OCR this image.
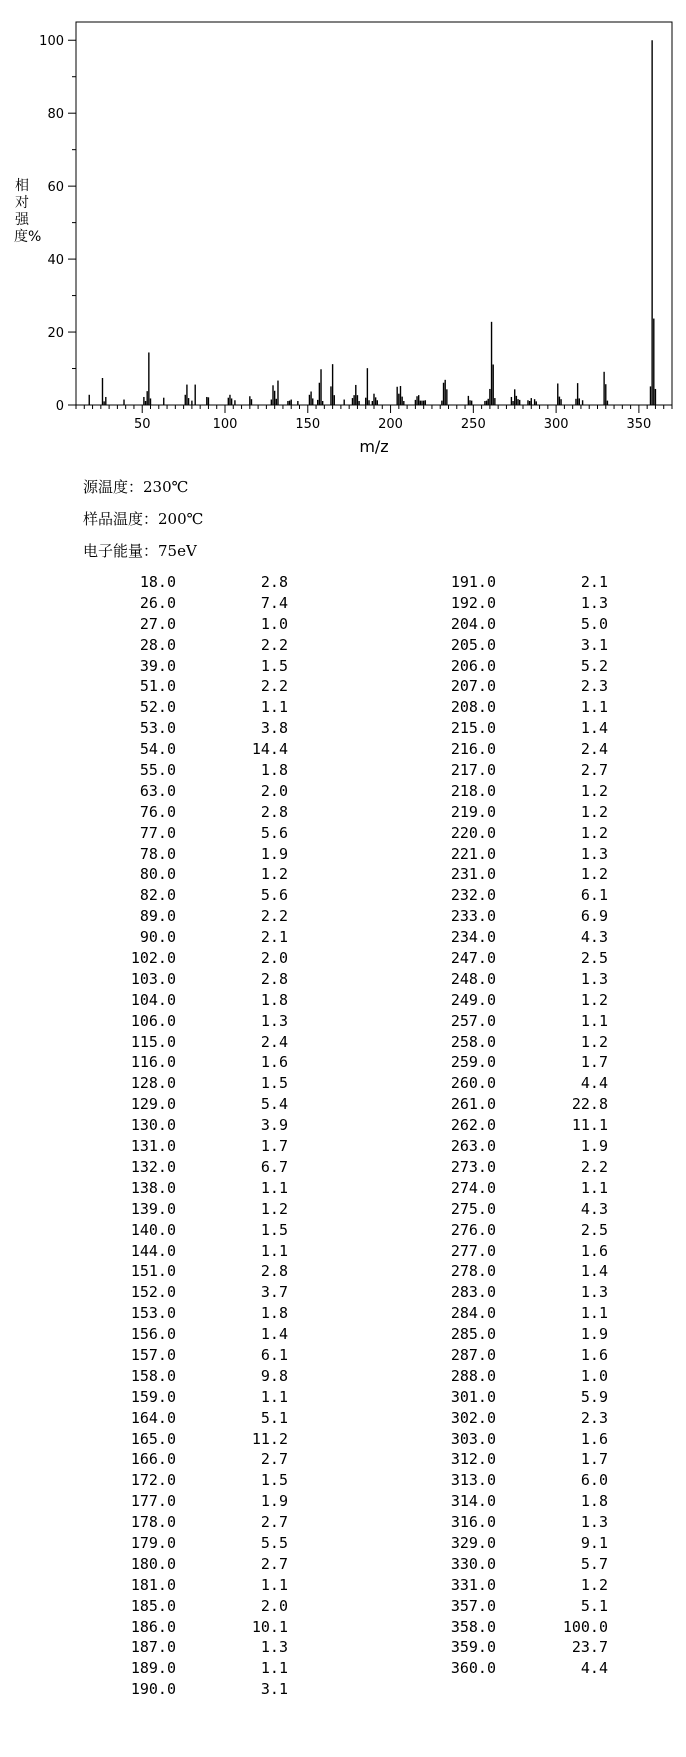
50	100	150	200	250	300	350
0
20
40
60
80
100
m/z
相对强度%
源温度：230℃
样品温度：200℃
电子能量：75eV
18.0	2.8
26.0	7.4
27.0	1.0
28.0	2.2
39.0	1.5
51.0	2.2
52.0	1.1
53.0	3.8
54.0	14.4
55.0	1.8
63.0	2.0
76.0	2.8
77.0	5.6
78.0	1.9
80.0	1.2
82.0	5.6
89.0	2.2
90.0	2.1
102.0	2.0
103.0	2.8
104.0	1.8
106.0	1.3
115.0	2.4
116.0	1.6
128.0	1.5
129.0	5.4
130.0	3.9
131.0	1.7
132.0	6.7
138.0	1.1
139.0	1.2
140.0	1.5
144.0	1.1
151.0	2.8
152.0	3.7
153.0	1.8
156.0	1.4
157.0	6.1
158.0	9.8
159.0	1.1
164.0	5.1
165.0	11.2
166.0	2.7
172.0	1.5
177.0	1.9
178.0	2.7
179.0	5.5
180.0	2.7
181.0	1.1
185.0	2.0
186.0	10.1
187.0	1.3
189.0	1.1
190.0	3.1
191.0	2.1
192.0	1.3
204.0	5.0
205.0	3.1
206.0	5.2
207.0	2.3
208.0	1.1
215.0	1.4
216.0	2.4
217.0	2.7
218.0	1.2
219.0	1.2
220.0	1.2
221.0	1.3
231.0	1.2
232.0	6.1
233.0	6.9
234.0	4.3
247.0	2.5
248.0	1.3
249.0	1.2
257.0	1.1
258.0	1.2
259.0	1.7
260.0	4.4
261.0	22.8
262.0	11.1
263.0	1.9
273.0	2.2
274.0	1.1
275.0	4.3
276.0	2.5
277.0	1.6
278.0	1.4
283.0	1.3
284.0	1.1
285.0	1.9
287.0	1.6
288.0	1.0
301.0	5.9
302.0	2.3
303.0	1.6
312.0	1.7
313.0	6.0
314.0	1.8
316.0	1.3
329.0	9.1
330.0	5.7
331.0	1.2
357.0	5.1
358.0	100.0
359.0	23.7
360.0	4.4
